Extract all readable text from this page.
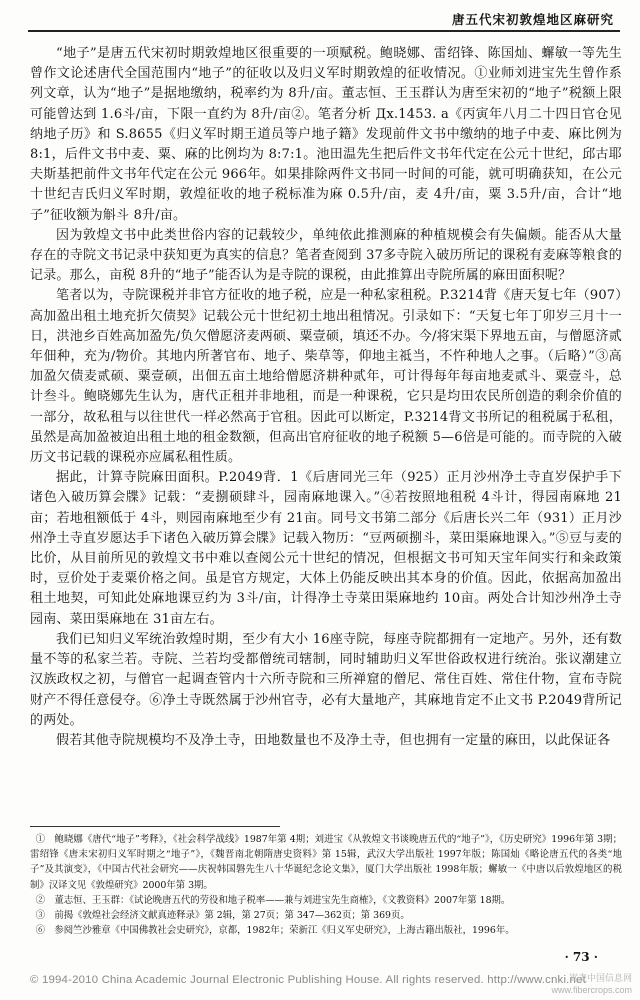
唐五代宋初敦煌地区麻研究

“地子”是唐五代宋初时期敦煌地区很重要的一项赋税。鲍晓娜、雷绍锋、陈国灿、蠏敏一等先生曾作文论述唐代全国范围内“地子”的征收以及归义军时期敦煌的征收情况。①业师刘进宝先生曾作系列文章，认为“地子”是据地缴纳，税率约为 8升/亩。董志恒、王玉群认为唐至宋初的“地子”税额上限可能曾达到 1.6斗/亩，下限一直约为 8升/亩②。笔者分析 Дx.1453. a《丙寅年八月二十四日官仓见纳地子历》和 S.8655《归义军时期王道员等户地子籍》发现前件文书中缴纳的地子中麦、麻比例为 8:1，后件文书中麦、粟、麻的比例均为 8:7:1。池田温先生把后件文书年代定在公元十世纪，邱古耶夫斯基把前件文书年代定在公元 966年。如果排除两件文书同一时间的可能，就可明确获知，在公元十世纪吉氏归义军时期，敦煌征收的地子税标准为麻 0.5升/亩，麦 4升/亩，粟 3.5升/亩，合计“地子”征收额为斛斗 8升/亩。

因为敦煌文书中此类世俗内容的记载较少，单纯依此推测麻的种植规模会有失偏颇。能否从大量存在的寺院文书记录中获知更为真实的信息？笔者查阅到 37多寺院入破历所记的课税有麦麻等粮食的记录。那么，亩税 8升的“地子”能否认为是寺院的课税，由此推算出寺院所属的麻田面积呢？

笔者以为，寺院课税并非官方征收的地子税，应是一种私家租税。P.3214背《唐天复七年（907）高加盈出租土地充折欠债契》记载公元十世纪初土地出租情况。引录如下：“天复七年丁卯岁三月十一日，洪池乡百姓高加盈先/负欠僧愿济麦两硕、粟壹硕，填还不办。今/将宋渠下界地五亩，与僧愿济贰年佃种，充为/物价。其地内所著官布、地子、柴草等，仰地主祗当，不忤种地人之事。（后略）”③高加盈欠债麦贰硕、粟壹硕，出佃五亩土地给僧愿济耕种贰年，可计得每年每亩地麦贰斗、粟壹斗，总计叁斗。鲍晓娜先生认为，唐代正租并非地租，而是一种课税，它只是均田农民所创造的剩余价值的一部分，故私租与以往世代一样必然高于官租。因此可以断定，P.3214背文书所记的租税属于私租，虽然是高加盈被迫出租土地的租金数额，但高出官府征收的地子税额 5—6倍是可能的。而寺院的入破历文书记载的课税亦应属私租性质。

据此，计算寺院麻田面积。P.2049背．1《后唐同光三年（925）正月沙州净土寺直岁保护手下诸色入破历算会牒》记载：“麦捌硕肆斗，园南麻地课入。”④若按照地租税 4斗计，得园南麻地 21亩；若地租额低于 4斗，则园南麻地至少有 21亩。同号文书第二部分《后唐长兴二年（931）正月沙州净土寺直岁愿达手下诸色入破历算会牒》记载入物历：“豆两硕捌斗，菜田渠麻地课入。”⑤豆与麦的比价，从目前所见的敦煌文书中难以查阅公元十世纪的情况，但根据文书可知天宝年间实行和籴政策时，豆价处于麦粟价格之间。虽是官方规定，大体上仍能反映出其本身的价值。因此，依据高加盈出租土地契，可知此处麻地课豆约为 3斗/亩，计得净土寺菜田渠麻地约 10亩。两处合计知沙州净土寺园南、菜田渠麻地在 31亩左右。

我们已知归义军统治敦煌时期，至少有大小 16座寺院，每座寺院都拥有一定地产。另外，还有数量不等的私家兰若。寺院、兰若均受都僧统司辖制，同时辅助归义军世俗政权进行统治。张议潮建立汉族政权之初，与僧官一起调查管内十六所寺院和三所禅窟的僧尼、常住百姓、常住什物，宣布寺院财产不得任意侵夺。⑥净土寺既然属于沙州官寺，必有大量地产，其麻地肯定不止文书 P.2049背所记的两处。

假若其他寺院规模均不及净土寺，田地数量也不及净土寺，但也拥有一定量的麻田，以此保证各

①　鲍晓娜《唐代“地子”考释》，《社会科学战线》1987年第 4期；刘进宝《从敦煌文书谈晚唐五代的“地子”》，《历史研究》1996年第 3期；雷绍锋《唐末宋初归义军时期之“地子”》，《魏晋南北朝隋唐史资料》第 15辑，武汉大学出版社 1997年版；陈国灿《略论唐五代的各类“地子”及其演变》，《中国古代社会研究——庆祝韩国磐先生八十华诞纪念论文集》，厦门大学出版社 1998年版；蠏敏一《中唐以后敦煌地区的税制》汉译文见《敦煌研究》2000年第 3期。

②　董志恒、王玉群：《试论晚唐五代的劳役和地子税率——兼与刘进宝先生商榷》，《文教资料》2007年第 18期。

③　前揭《敦煌社会经济文献真迹释录》第 2辑，第 27页；第 347—362页；第 369页。

⑥　参阅竺沙雅章《中国佛教社会史研究》，京都，1982年；荣新江《归义军史研究》，上海古籍出版社，1996年。

· 73 ·
© 1994-2010 China Academic Journal Electronic Publishing House. All rights reserved. http://www.cnki.net
嵩麦中国信息网
www.fibercrops.com
